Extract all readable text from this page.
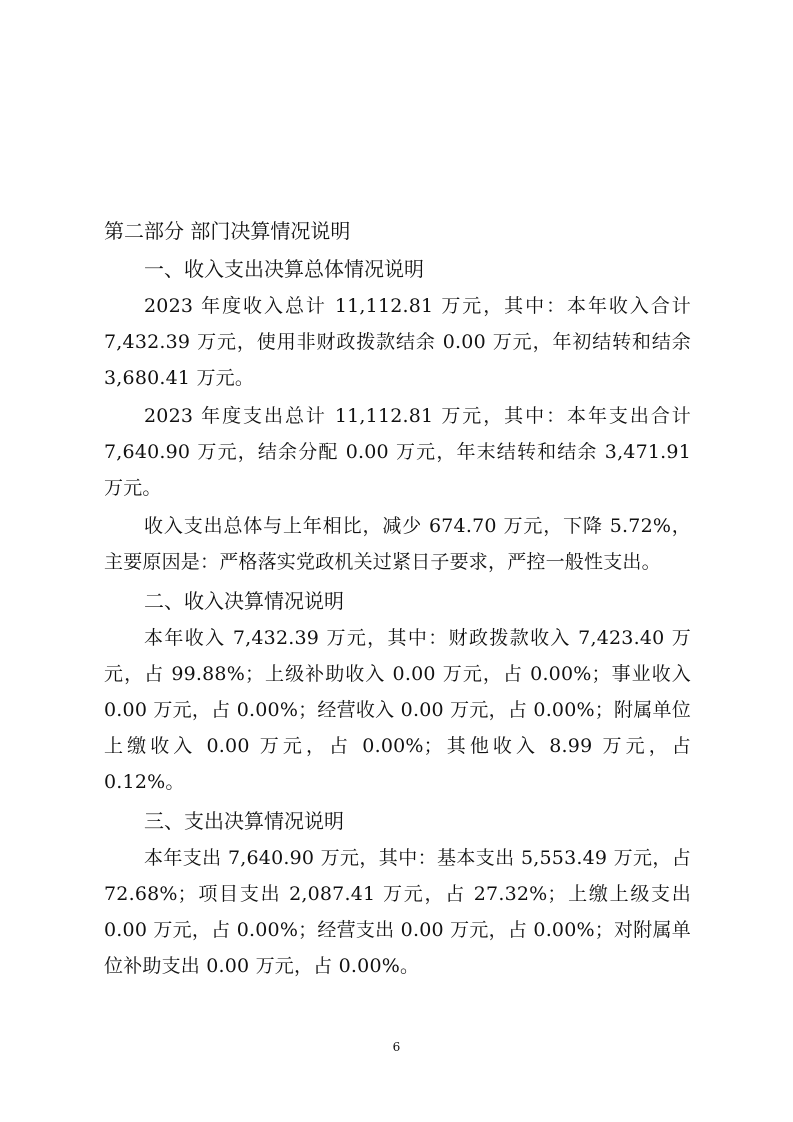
第二部分 部门决算情况说明
一、收入支出决算总体情况说明

2023 年度收入总计 11,112.81 万元，其中：本年收入合计 7,432.39 万元，使用非财政拨款结余 0.00 万元，年初结转和结余 3,680.41 万元。

2023 年度支出总计 11,112.81 万元，其中：本年支出合计 7,640.90 万元，结余分配 0.00 万元，年末结转和结余 3,471.91 万元。

收入支出总体与上年相比，减少 674.70 万元，下降 5.72%，主要原因是：严格落实党政机关过紧日子要求，严控一般性支出。

二、收入决算情况说明

本年收入 7,432.39 万元，其中：财政拨款收入 7,423.40 万元，占 99.88%；上级补助收入 0.00 万元，占 0.00%；事业收入 0.00 万元，占 0.00%；经营收入 0.00 万元，占 0.00%；附属单位上缴收入 0.00 万元，占 0.00%；其他收入 8.99 万元，占 0.12%。

三、支出决算情况说明

本年支出 7,640.90 万元，其中：基本支出 5,553.49 万元，占 72.68%；项目支出 2,087.41 万元，占 27.32%；上缴上级支出 0.00 万元，占 0.00%；经营支出 0.00 万元，占 0.00%；对附属单位补助支出 0.00 万元，占 0.00%。

6
